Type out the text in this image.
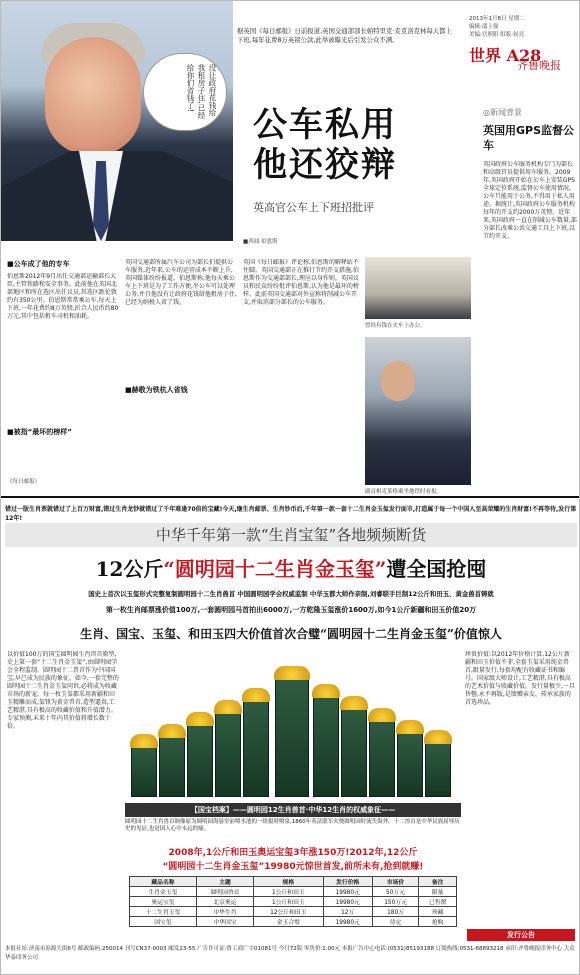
没让政府花钱给我租房子住,已经给你们省钱了!
据英国《每日邮报》日前报道,英国交通部部长帕特里克·麦克洛克林每天都上下班,每年花费8万英镑公款,此举被曝光后引发公众不满。
公车私用
他还狡辩
英高官公车上下班招批评
■西闻·伯恩斯
2013年1月8日 星期二
编辑:邵士强
美编:宫照阳 组版:侯亮
世界 A28
齐鲁晚报
◎新闻背景
英国用GPS监督公车
英国政府公车服务机构专门为部长和高级官员提供用车服务。2009年,英国政府开始在公车上安装GPS全球定位系统,监督公车使用情况。公车只能用于公务,不得用于私人用途。据统计,英国政府公车服务机构每年的开支约2000万英镑。近年来,英国政府一直在削减公车数量,部分部长改乘公共交通工具上下班,以节约开支。
■公车成了他的专车
伯恩斯2012年9月出任交通部运输部长大臣,主管铁路和安全事务。此前他在英国北部地区和所在选区出任议员,其选区距伦敦约有350公里。伯恩斯常常乘公车,每天上下班,一年花费约8万英镑,折合人民币约80万元,其中包括租车司机和油耗。
■被指“最坏的榜样”
《每日邮报》
英国交通部所属汽车公司为部长们提供公车服务,近年来,公车的运营成本不断上升,英国媒体纷纷报道。伯恩斯称,他每天乘公车上下班是为了工作方便,坐公车可以处理公务,并且他没有让政府花钱给他租房子住,已经为纳税人省了钱。
■赫敬为铁杭人省钱
英国《每日邮报》评论称,伯恩斯的解释站不住脚。英国交通部正在推行节约开支措施,伯恩斯作为交通部部长,理应以身作则。英国议员和民众纷纷批评伯恩斯,认为他是最坏的榜样。此前英国交通部对外宣称将削减公车开支,并取消部分部长的公车服务。
曾经有钱在火车上办公。
副首相克莱格乘坐地铁时看报。
错过一版生肖票就错过了上百万财富,错过生肖龙钞就错过了千年难逢70倍的宝藏!今天,继生肖邮票、生肖钞币后,千年第一款一套十二生肖金玉玺发行面市,打造属于每一个中国人至高荣耀的生肖财富!不再等待,发行第12年!
中华千年第一款“生肖宝玺”各地频频断货
12公斤“圆明园十二生肖金玉玺”遭全国抢囤
国史上首次以玉玺形式完整复制圆明园十二生肖兽首 中国圆明园学会权威监制 中华玉都大师作亲制,刘睿联手巨制12公斤和田玉、黄金兽首铸就
第一枚生肖邮票涨价值100万,一套圆明园马首拍出6000万,一方乾隆玉玺涨价1600万,如今1公斤新疆和田玉价值20万
生肖、国宝、玉玺、和田玉四大价值首次合璧“圆明园十二生肖金玉玺”价值惊人
以价值100万的国宝圆明园生肖兽首原型,史上第一套“十二生肖金玉玺”,由圆明园学会全程监制。圆明园十二兽首作为中国国宝,早已成为民族的象征。如今,一套完整的圆明园十二生肖金玉玺问世,必将成为收藏市场的新宠。每一枚玉玺都采用新疆和田玉精雕而成,玺钮为黄金兽首,造型逼真,工艺精湛,具有极高的收藏价值和升值潜力。专家预测,未来十年内其价值将增长数十倍。
珍贵价值:以2012年价格计算,12公斤新疆和田玉价值不菲,全套玉玺采用纯金兽首,限量发行,每套均配有收藏证书和编号。国家级大师设计,工艺精湛,具有极高的艺术价值与收藏价值。发行量极少,一旦售罄,永不再版,是馈赠亲友、传承家族的首选珍品。
【国宝档案】——圆明园12生肖兽首·中华12生肖的权威象征——
圆明园十二生肖兽首铜像原为圆明园海晏堂前喷水池的一组报时喷泉,1860年英法联军火烧圆明园时流失海外。十二兽首是中华民族屈辱历史的见证,也是国人心中永远的痛。
2008年,1公斤和田玉奥运宝玺3年涨150万!2012年,12公斤
“圆明园十二生肖金玉玺”19980元惊世首发,前所未有,抢到就赚!
藏品名称	主题	规格	发行价格	市场价	备注
生肖金玉玺	圆明园兽首	1公斤和田玉	19980元	50万元	限量
奥运宝玺	北京奥运	1公斤和田玉	19980元	150万元	已售罄
十二生肖玉玺	中华生肖	12公斤和田玉	12万	180万	珍藏
国宝玺	中华国宝	金玉合璧	19980元	待定	抢购
发行公告
本报社址:济南市泺源大街6号 邮政编码:250014 刊号CN37-0003 邮发23-55 广告许可证:鲁工商广字01081号 今日72版 零售价:1.00元 本报广告中心电话:(0531)85193188 订阅热线:0531-68893218 承印:齐鲁晚报印务中心 大众华泰印务公司
